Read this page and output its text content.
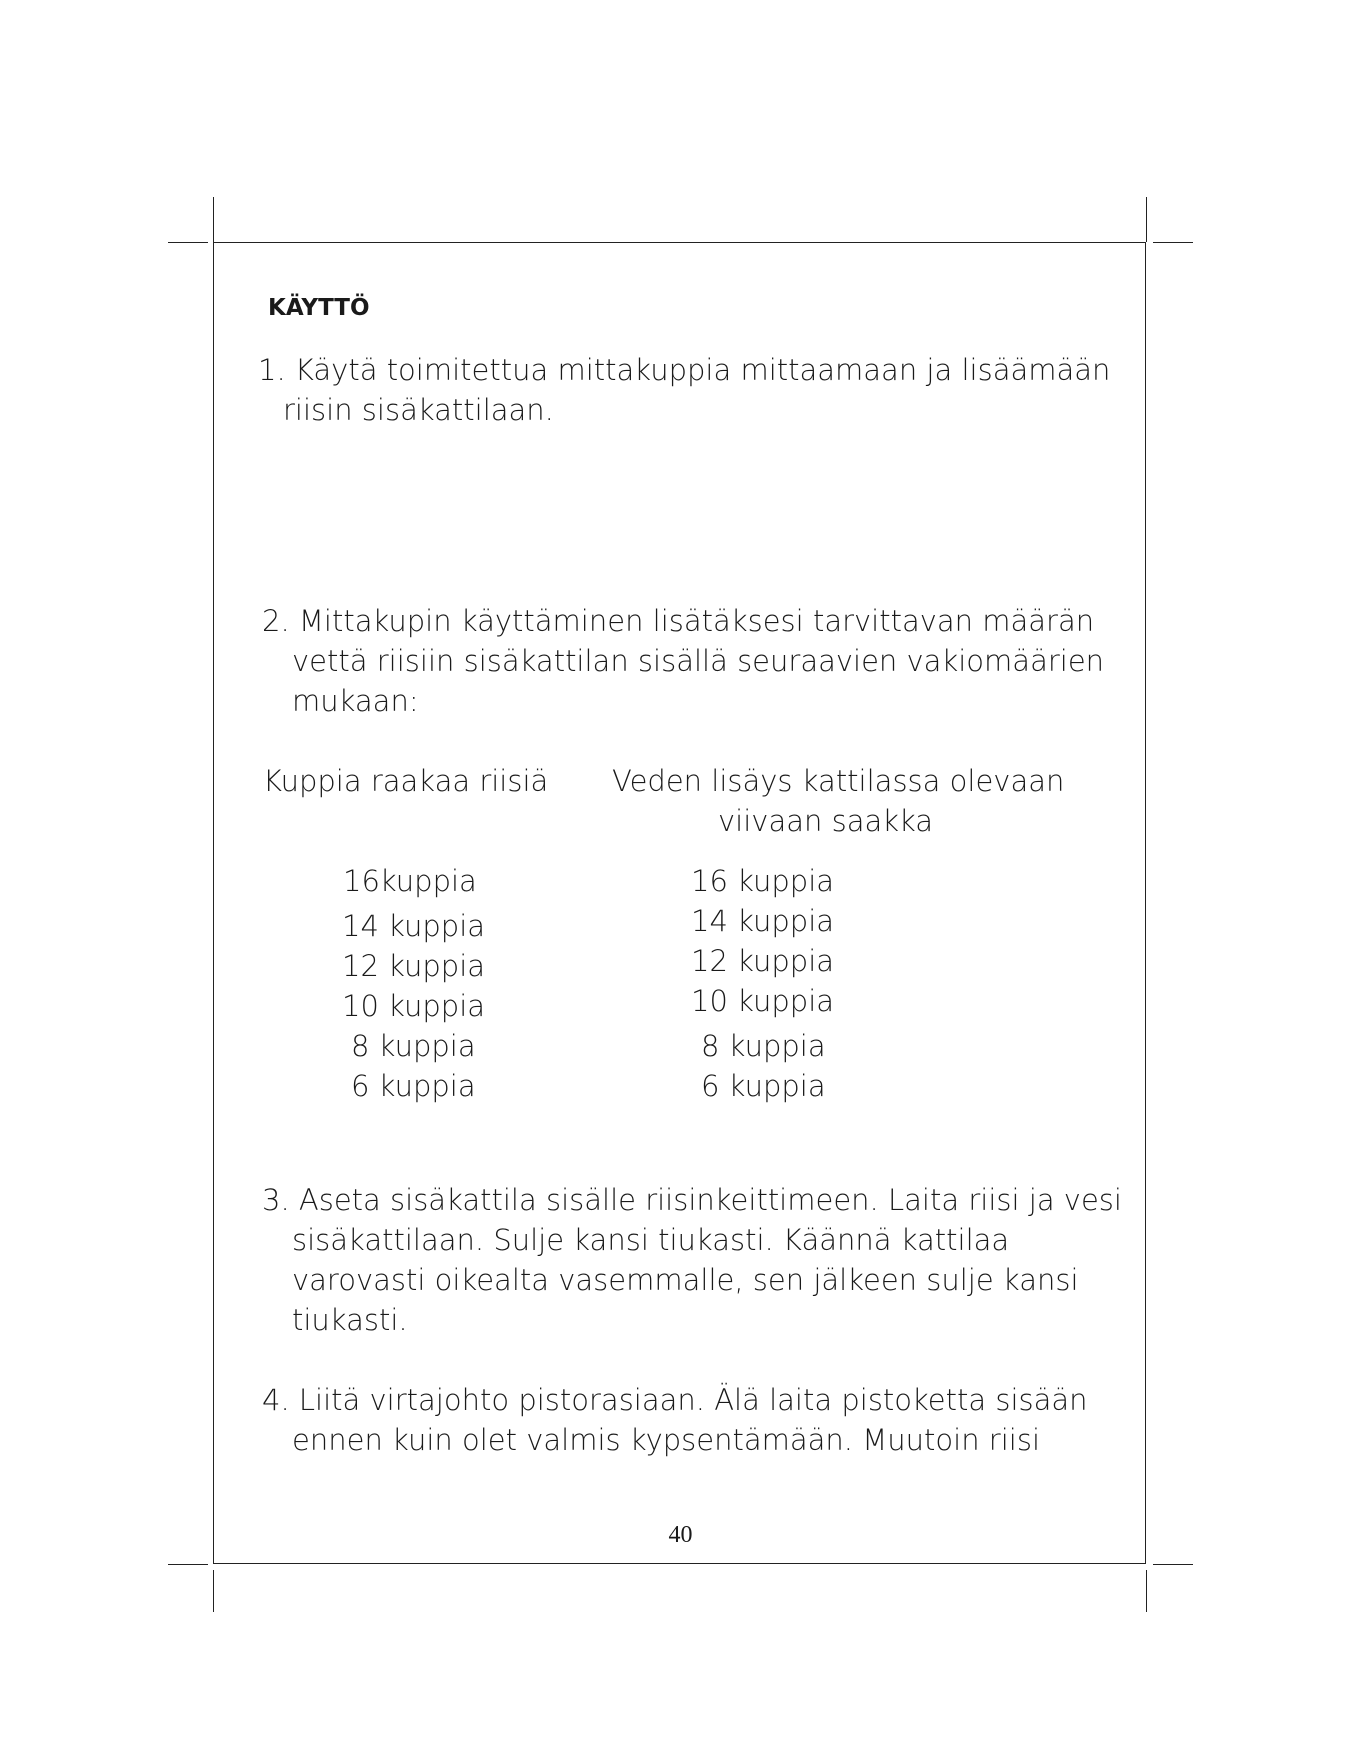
KÄYTTÖ
1. Käytä toimitettua mittakuppia mittaamaan ja lisäämään
riisin sisäkattilaan.
2. Mittakupin käyttäminen lisätäksesi tarvittavan määrän
vettä riisiin sisäkattilan sisällä seuraavien vakiomäärien
mukaan:
Kuppia raakaa riisiä Veden lisäys kattilassa olevaan
viivaan saakka
16kuppia
14 kuppia
12 kuppia
10 kuppia
8 kuppia
6 kuppia
16 kuppia
14 kuppia
12 kuppia
10 kuppia
8 kuppia
6 kuppia
3. Aseta sisäkattila sisälle riisinkeittimeen. Laita riisi ja vesi
sisäkattilaan. Sulje kansi tiukasti. Käännä kattilaa
varovasti oikealta vasemmalle, sen jälkeen sulje kansi
tiukasti.
4. Liitä virtajohto pistorasiaan. Älä laita pistoketta sisään
ennen kuin olet valmis kypsentämään. Muutoin riisi
40
